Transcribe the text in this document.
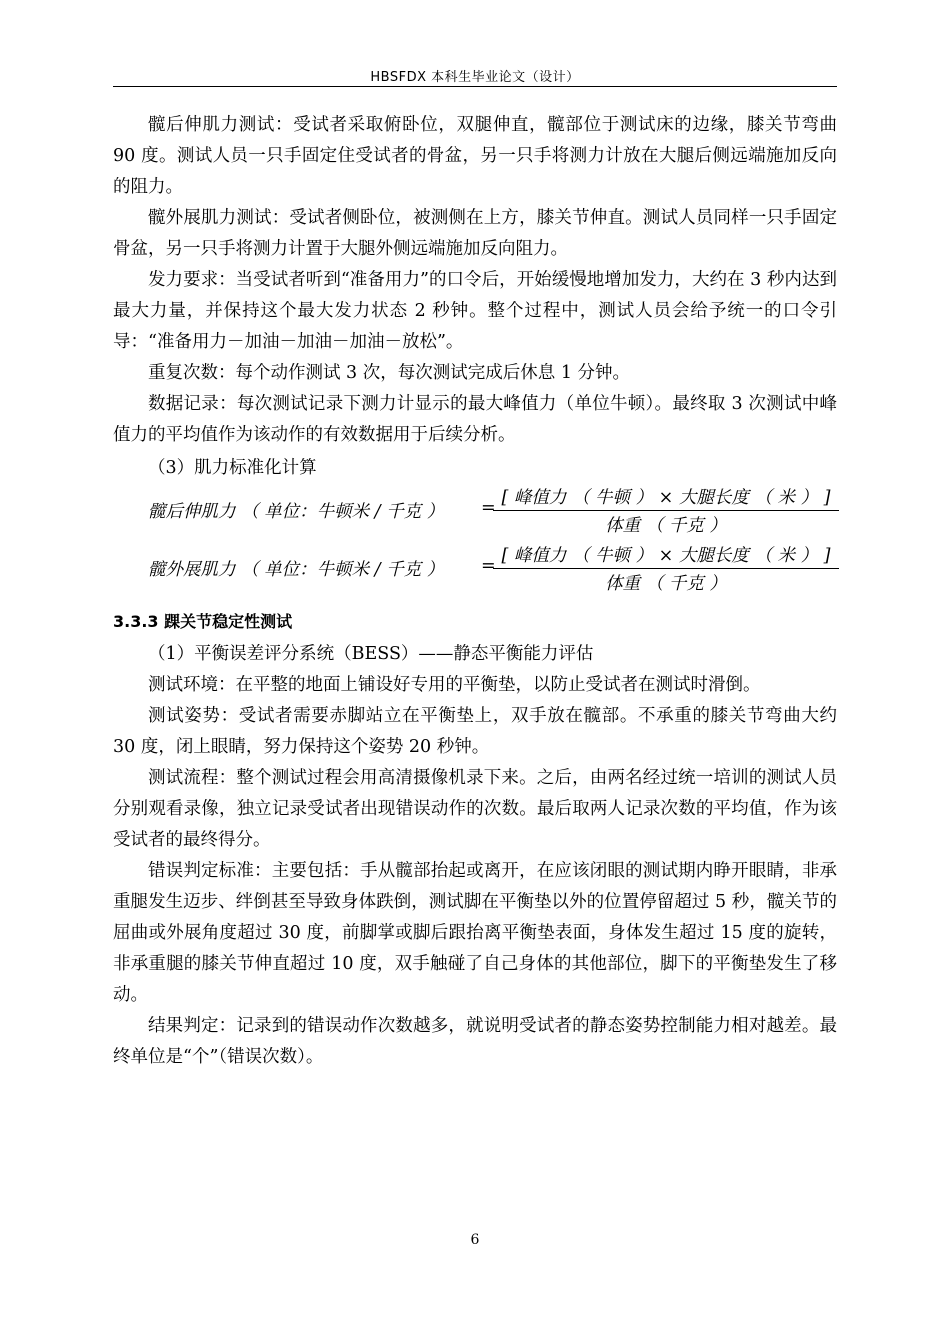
HBSFDX 本科生毕业论文（设计）

髋后伸肌力测试：受试者采取俯卧位，双腿伸直，髋部位于测试床的边缘，膝关节弯曲 90 度。测试人员一只手固定住受试者的骨盆，另一只手将测力计放在大腿后侧远端施加反向的阻力。

髋外展肌力测试：受试者侧卧位，被测侧在上方，膝关节伸直。测试人员同样一只手固定骨盆，另一只手将测力计置于大腿外侧远端施加反向阻力。

发力要求：当受试者听到“准备用力”的口令后，开始缓慢地增加发力，大约在 3 秒内达到最大力量，并保持这个最大发力状态 2 秒钟。整个过程中，测试人员会给予统一的口令引导：“准备用力－加油－加油－加油－放松”。

重复次数：每个动作测试 3 次，每次测试完成后休息 1 分钟。

数据记录：每次测试记录下测力计显示的最大峰值力（单位牛顿）。最终取 3 次测试中峰值力的平均值作为该动作的有效数据用于后续分析。

（3）肌力标准化计算

髋后伸肌力 （ 单位：牛顿米 / 千克 ） = [ 峰值力 （ 牛顿 ） × 大腿长度 （ 米 ） ]
体重 （ 千克 ）
髋外展肌力 （ 单位：牛顿米 / 千克 ） = [ 峰值力 （ 牛顿 ） × 大腿长度 （ 米 ） ]
体重 （ 千克 ）
3.3.3 踝关节稳定性测试

（1）平衡误差评分系统（BESS）——静态平衡能力评估

测试环境：在平整的地面上铺设好专用的平衡垫，以防止受试者在测试时滑倒。

测试姿势：受试者需要赤脚站立在平衡垫上，双手放在髋部。不承重的膝关节弯曲大约 30 度，闭上眼睛，努力保持这个姿势 20 秒钟。

测试流程：整个测试过程会用高清摄像机录下来。之后，由两名经过统一培训的测试人员分别观看录像，独立记录受试者出现错误动作的次数。最后取两人记录次数的平均值，作为该受试者的最终得分。

错误判定标准：主要包括：手从髋部抬起或离开，在应该闭眼的测试期内睁开眼睛，非承重腿发生迈步、绊倒甚至导致身体跌倒，测试脚在平衡垫以外的位置停留超过 5 秒，髋关节的屈曲或外展角度超过 30 度，前脚掌或脚后跟抬离平衡垫表面，身体发生超过 15 度的旋转，非承重腿的膝关节伸直超过 10 度，双手触碰了自己身体的其他部位，脚下的平衡垫发生了移动。

结果判定：记录到的错误动作次数越多，就说明受试者的静态姿势控制能力相对越差。最终单位是“个”（错误次数）。

6
